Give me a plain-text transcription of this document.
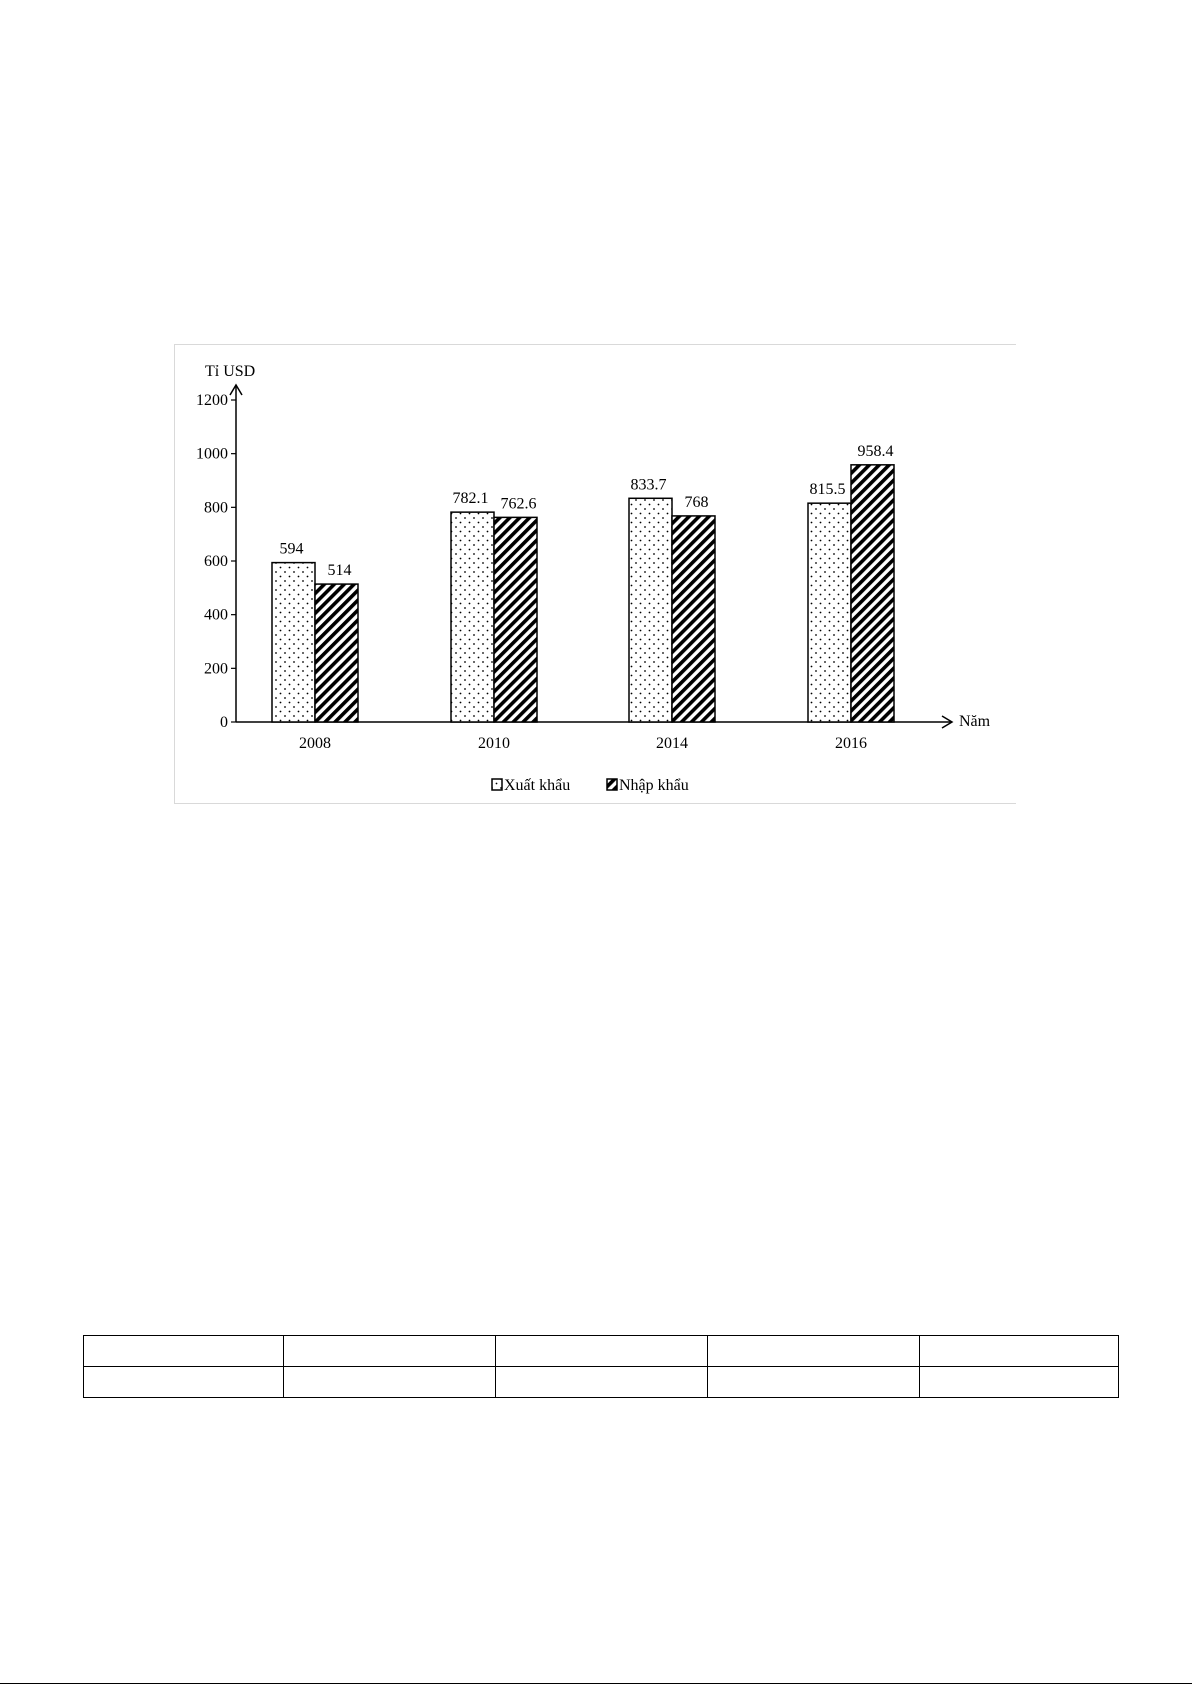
Tỉ USD
Năm
0
200
400
600
800
1000
1200
594
514
782.1 762.6
833.7
768
815.5
958.4
2008	2010	2014	2016
Xuất khẩu	Nhập khẩu
